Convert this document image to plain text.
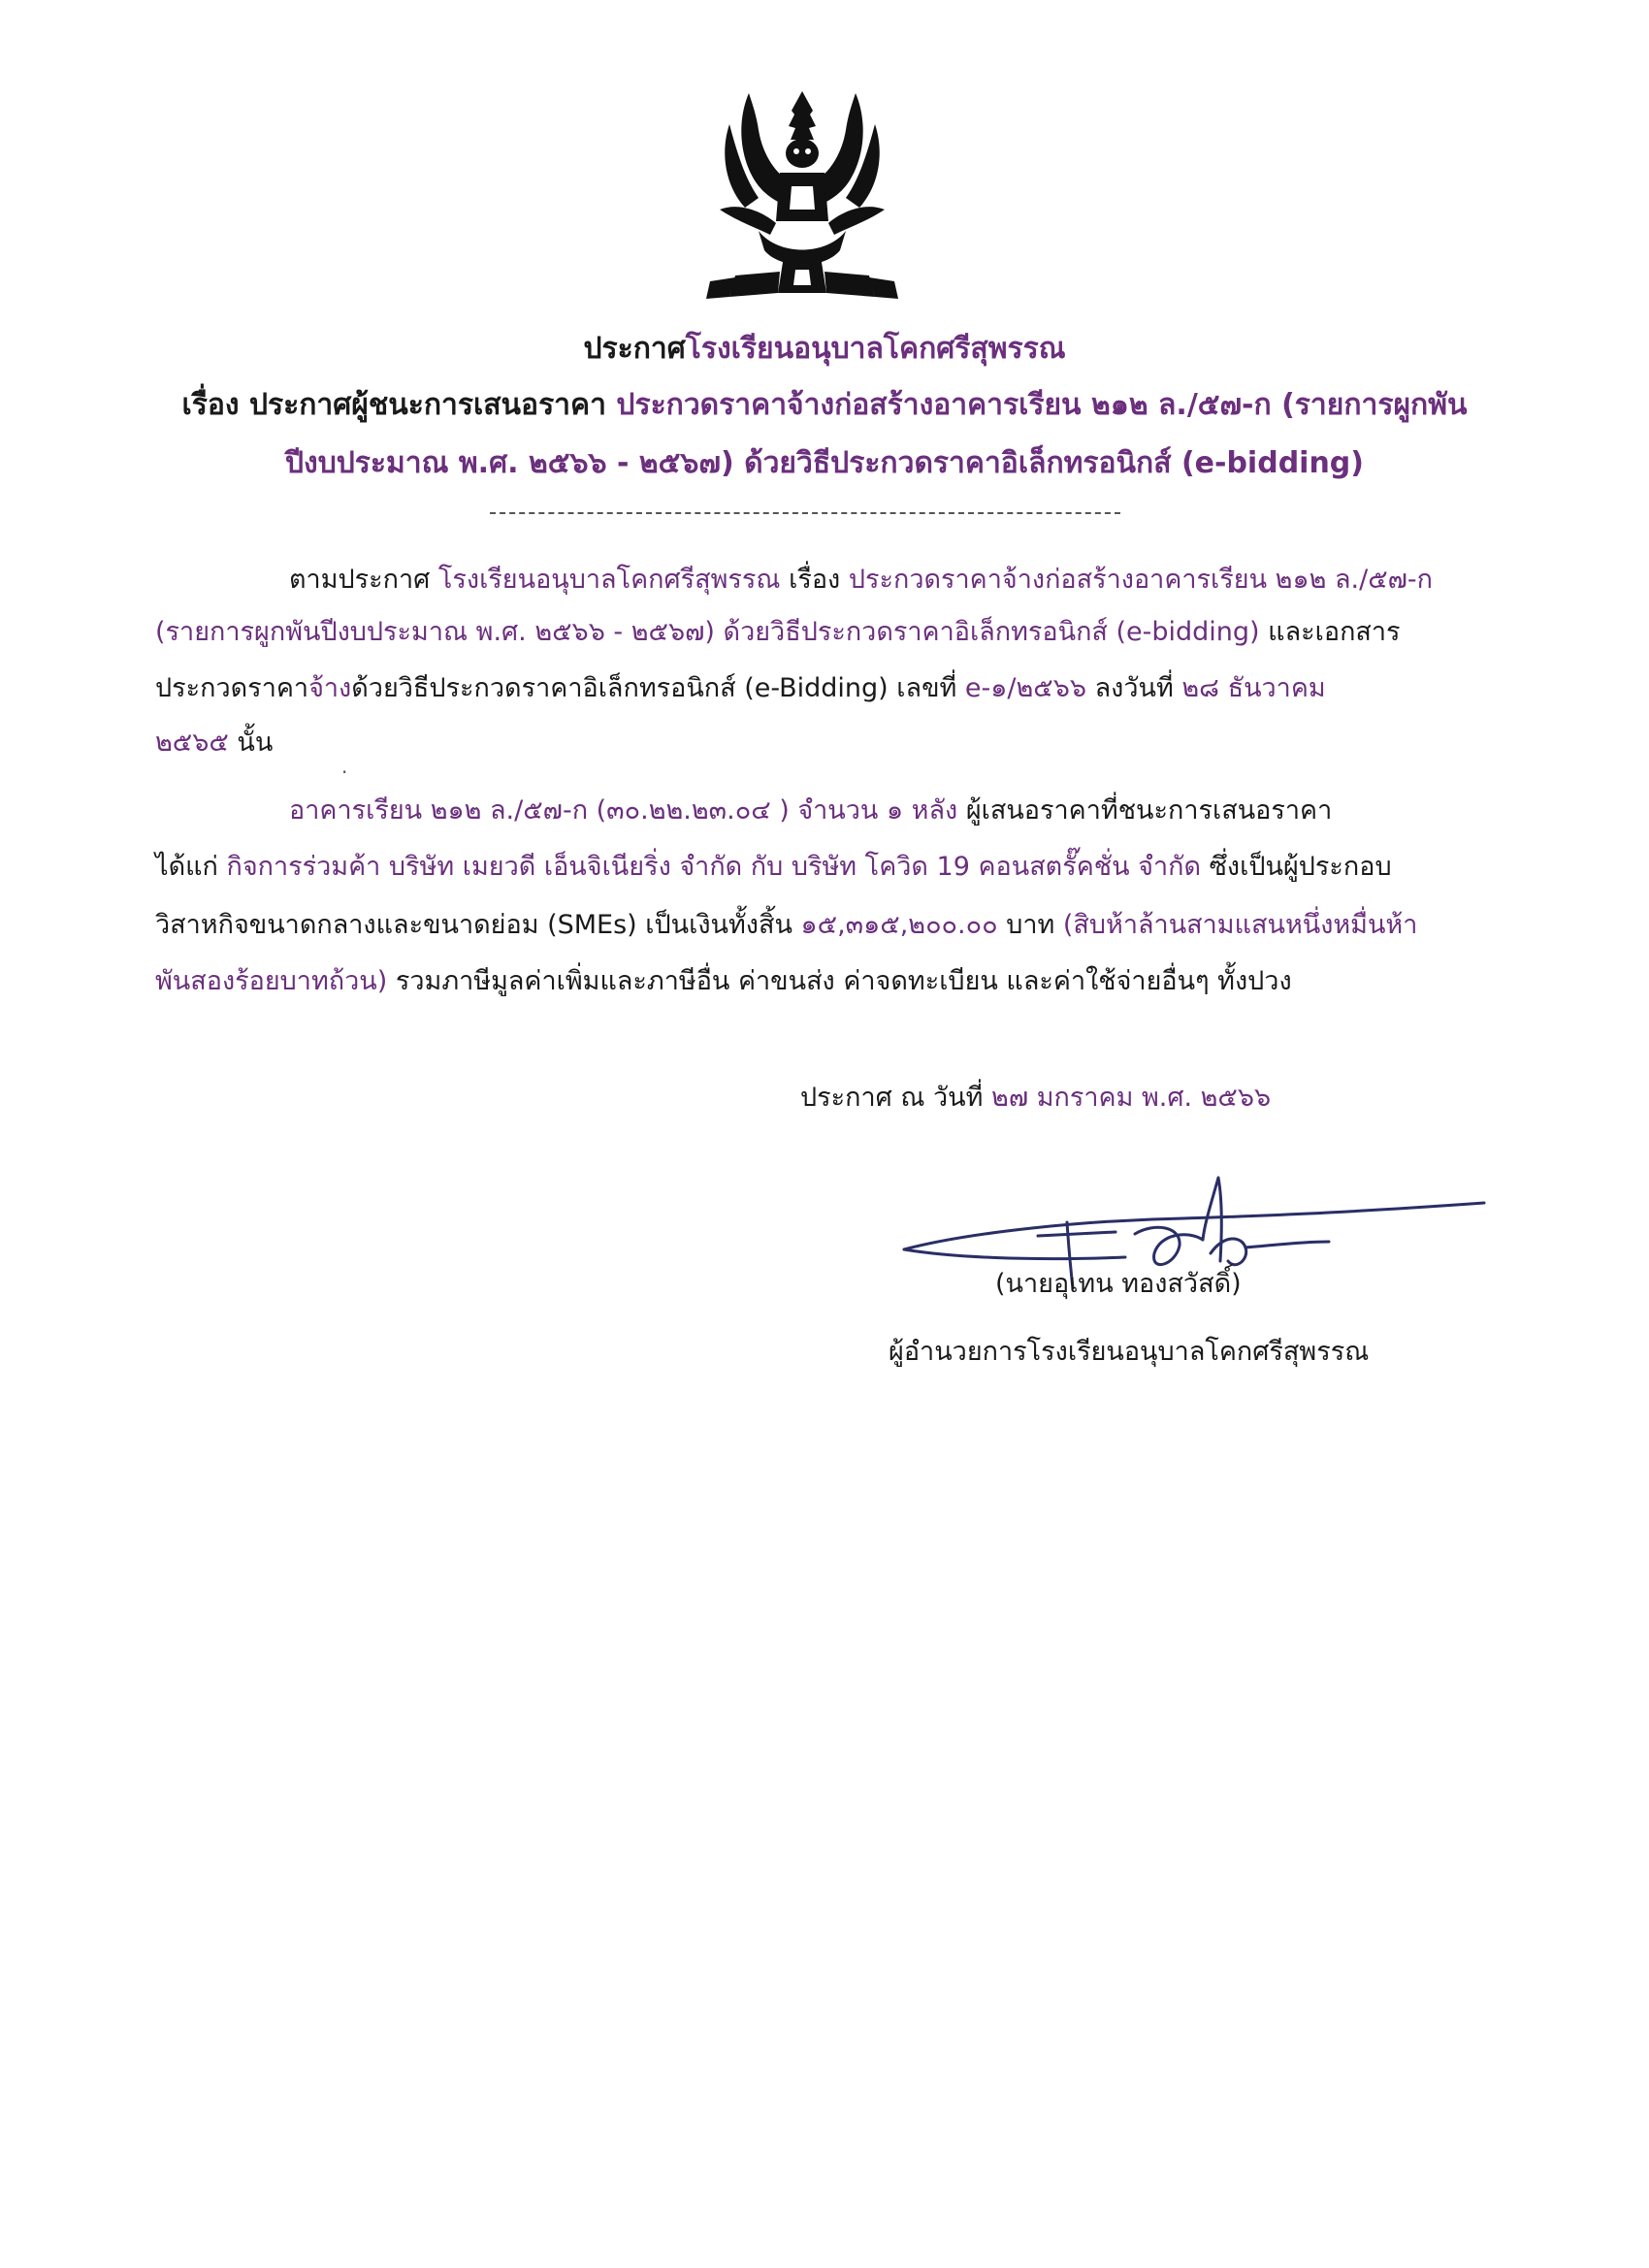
ประกาศโรงเรียนอนุบาลโคกศรีสุพรรณ
เรื่อง ประกาศผู้ชนะการเสนอราคา ประกวดราคาจ้างก่อสร้างอาคารเรียน ๒๑๒ ล./๕๗-ก (รายการผูกพัน
ปีงบประมาณ พ.ศ. ๒๕๖๖ - ๒๕๖๗) ด้วยวิธีประกวดราคาอิเล็กทรอนิกส์ (e-bidding)
ตามประกาศ โรงเรียนอนุบาลโคกศรีสุพรรณ เรื่อง ประกวดราคาจ้างก่อสร้างอาคารเรียน ๒๑๒ ล./๕๗-ก
(รายการผูกพันปีงบประมาณ พ.ศ. ๒๕๖๖ - ๒๕๖๗) ด้วยวิธีประกวดราคาอิเล็กทรอนิกส์ (e-bidding) และเอกสาร
ประกวดราคาจ้างด้วยวิธีประกวดราคาอิเล็กทรอนิกส์ (e-Bidding) เลขที่ e-๑/๒๕๖๖ ลงวันที่ ๒๘ ธันวาคม
๒๕๖๕ นั้น
·
อาคารเรียน ๒๑๒ ล./๕๗-ก (๓๐.๒๒.๒๓.๐๔ ) จำนวน ๑ หลัง ผู้เสนอราคาที่ชนะการเสนอราคา
ได้แก่ กิจการร่วมค้า บริษัท เมยวดี เอ็นจิเนียริ่ง จำกัด กับ บริษัท โควิด 19 คอนสตรั๊คชั่น จำกัด ซึ่งเป็นผู้ประกอบ
วิสาหกิจขนาดกลางและขนาดย่อม (SMEs) เป็นเงินทั้งสิ้น ๑๕,๓๑๕,๒๐๐.๐๐ บาท (สิบห้าล้านสามแสนหนึ่งหมื่นห้า
พันสองร้อยบาทถ้วน) รวมภาษีมูลค่าเพิ่มและภาษีอื่น ค่าขนส่ง ค่าจดทะเบียน และค่าใช้จ่ายอื่นๆ ทั้งปวง
ประกาศ ณ วันที่ ๒๗ มกราคม พ.ศ. ๒๕๖๖
(นายอุเทน ทองสวัสดิ์)
ผู้อำนวยการโรงเรียนอนุบาลโคกศรีสุพรรณ
